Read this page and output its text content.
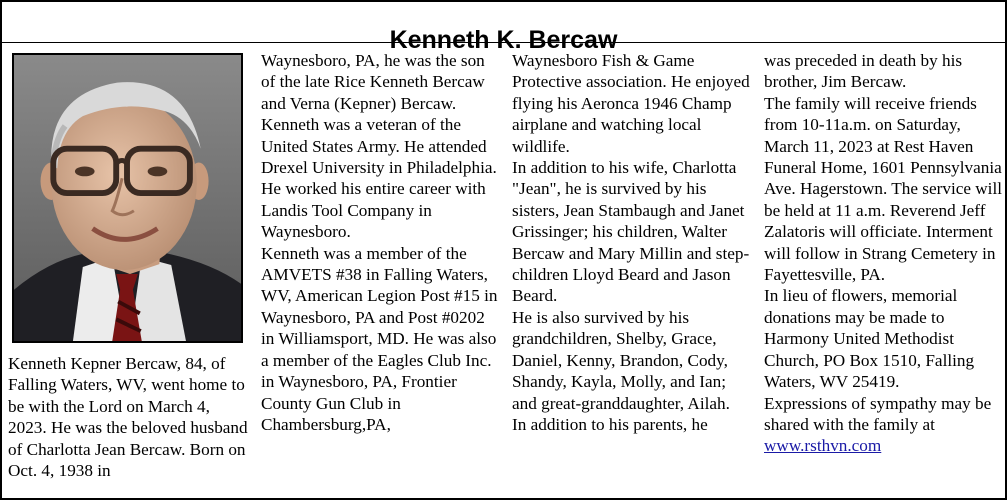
Kenneth K. Bercaw

Kenneth Kepner Bercaw, 84, of Falling Waters, WV, went home to be with the Lord on March 4, 2023. He was the beloved husband of Charlotta Jean Bercaw. Born on Oct. 4, 1938 in

Waynesboro, PA, he was the son of the late Rice Kenneth Bercaw and Verna (Kepner) Bercaw. Kenneth was a veteran of the United States Army. He attended Drexel University in Philadelphia. He worked his entire career with Landis Tool Company in Waynesboro.

Kenneth was a member of the AMVETS #38 in Falling Waters, WV, American Legion Post #15 in Waynesboro, PA and Post #0202 in Williamsport, MD. He was also a member of the Eagles Club Inc. in Waynesboro, PA, Frontier County Gun Club in Chambersburg,PA,

Waynesboro Fish & Game Protective association. He enjoyed flying his Aeronca 1946 Champ airplane and watching local wildlife.

In addition to his wife, Charlotta "Jean", he is survived by his sisters, Jean Stambaugh and Janet Grissinger; his children, Walter Bercaw and Mary Millin and step-children Lloyd Beard and Jason Beard.

He is also survived by his grandchildren, Shelby, Grace, Daniel, Kenny, Brandon, Cody, Shandy, Kayla, Molly, and Ian; and great-granddaughter, Ailah.

In addition to his parents, he

was preceded in death by his brother, Jim Bercaw.

The family will receive friends from 10-11a.m. on Saturday, March 11, 2023 at Rest Haven Funeral Home, 1601 Pennsylvania Ave. Hagerstown. The service will be held at 11 a.m. Reverend Jeff Zalatoris will officiate. Interment will follow in Strang Cemetery in Fayettesville, PA.

In lieu of flowers, memorial donations may be made to Harmony United Methodist Church, PO Box 1510, Falling Waters, WV 25419.

Expressions of sympathy may be shared with the family at www.rsthvn.com
